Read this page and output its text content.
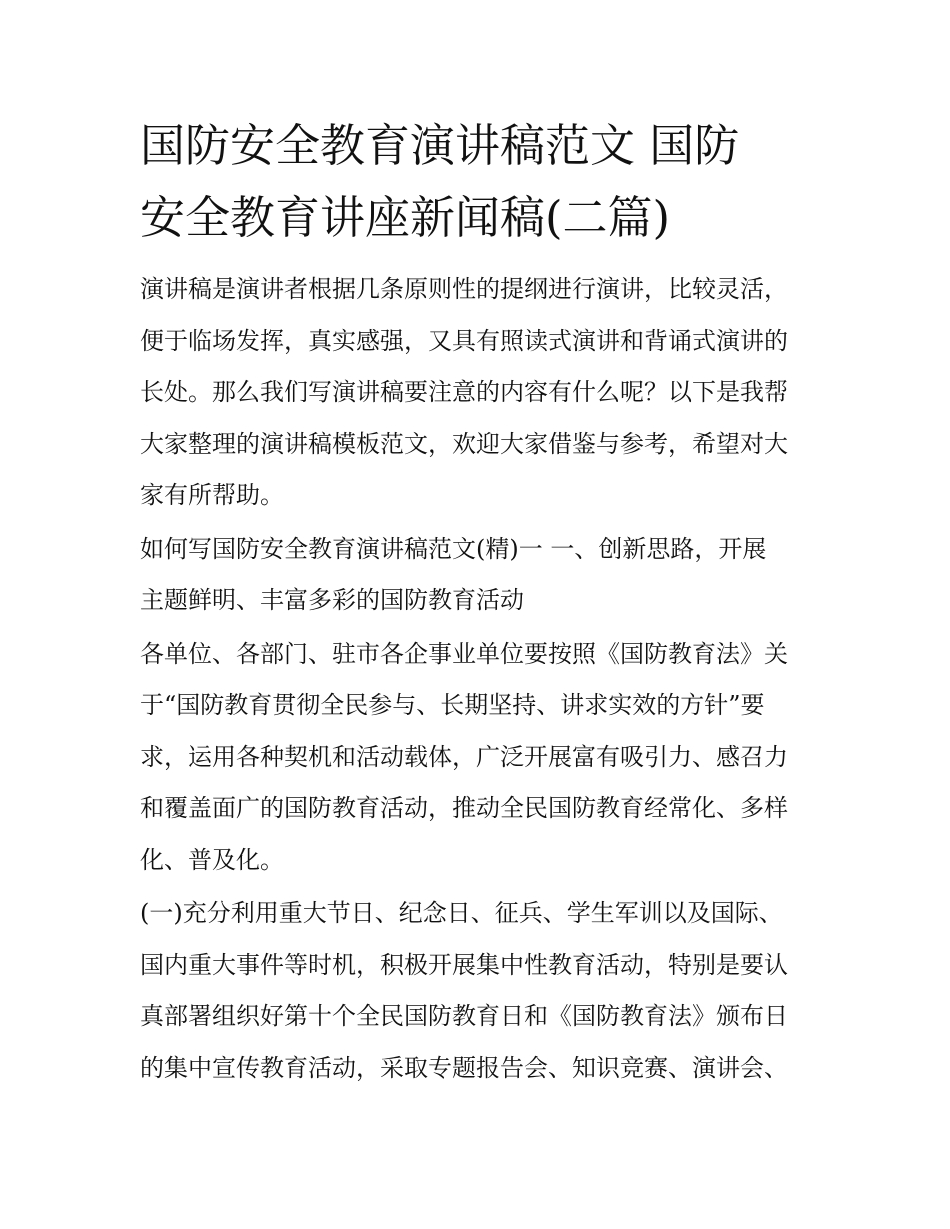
国防安全教育演讲稿范文 国防
安全教育讲座新闻稿(二篇)
演讲稿是演讲者根据几条原则性的提纲进行演讲，比较灵活，
便于临场发挥，真实感强，又具有照读式演讲和背诵式演讲的
长处。那么我们写演讲稿要注意的内容有什么呢？以下是我帮
大家整理的演讲稿模板范文，欢迎大家借鉴与参考，希望对大
家有所帮助。
如何写国防安全教育演讲稿范文(精)一 一、创新思路，开展
主题鲜明、丰富多彩的国防教育活动
各单位、各部门、驻市各企事业单位要按照《国防教育法》关
于“国防教育贯彻全民参与、长期坚持、讲求实效的方针”要
求，运用各种契机和活动载体，广泛开展富有吸引力、感召力
和覆盖面广的国防教育活动，推动全民国防教育经常化、多样
化、普及化。
(一)充分利用重大节日、纪念日、征兵、学生军训以及国际、
国内重大事件等时机，积极开展集中性教育活动，特别是要认
真部署组织好第十个全民国防教育日和《国防教育法》颁布日
的集中宣传教育活动，采取专题报告会、知识竞赛、演讲会、
